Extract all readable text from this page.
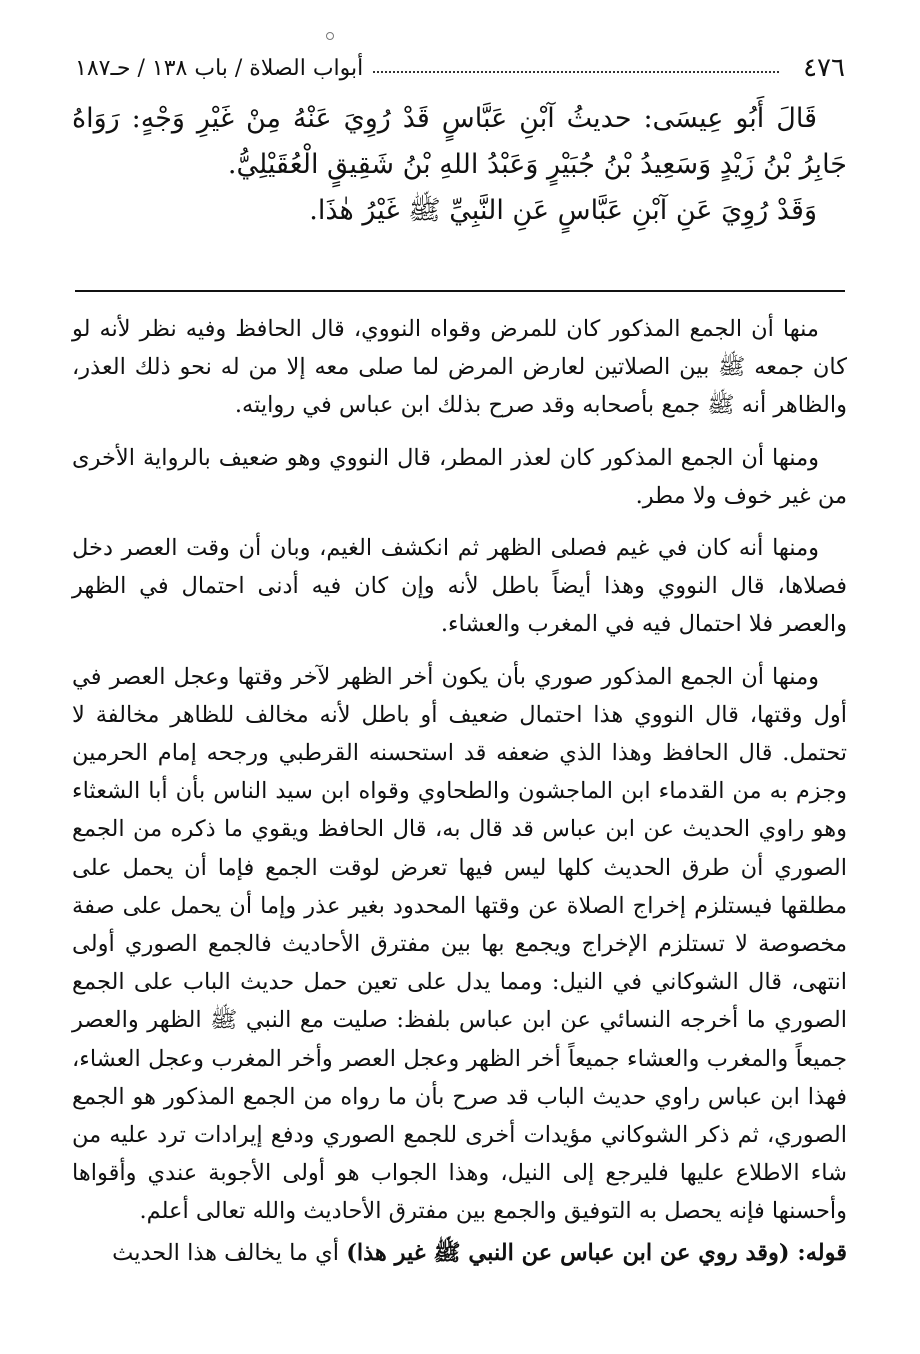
٤٧٦
أبواب الصلاة / باب ١٣٨ / حـ١٨٧

قَالَ أَبُو عِيسَى: حديثُ آبْنِ عَبَّاسٍ قَدْ رُوِيَ عَنْهُ مِنْ غَيْرِ وَجْهٍ: رَوَاهُ جَابِرُ بْنُ زَيْدٍ وَسَعِيدُ بْنُ جُبَيْرٍ وَعَبْدُ اللهِ بْنُ شَقِيقٍ الْعُقَيْلِيُّ.

وَقَدْ رُوِيَ عَنِ آبْنِ عَبَّاسٍ عَنِ النَّبِيِّ ﷺ غَيْرُ هٰذَا.

منها أن الجمع المذكور كان للمرض وقواه النووي، قال الحافظ وفيه نظر لأنه لو كان جمعه ﷺ بين الصلاتين لعارض المرض لما صلى معه إلا من له نحو ذلك العذر، والظاهر أنه ﷺ جمع بأصحابه وقد صرح بذلك ابن عباس في روايته.

ومنها أن الجمع المذكور كان لعذر المطر، قال النووي وهو ضعيف بالرواية الأخرى من غير خوف ولا مطر.

ومنها أنه كان في غيم فصلى الظهر ثم انكشف الغيم، وبان أن وقت العصر دخل فصلاها، قال النووي وهذا أيضاً باطل لأنه وإن كان فيه أدنى احتمال في الظهر والعصر فلا احتمال فيه في المغرب والعشاء.

ومنها أن الجمع المذكور صوري بأن يكون أخر الظهر لآخر وقتها وعجل العصر في أول وقتها، قال النووي هذا احتمال ضعيف أو باطل لأنه مخالف للظاهر مخالفة لا تحتمل. قال الحافظ وهذا الذي ضعفه قد استحسنه القرطبي ورجحه إمام الحرمين وجزم به من القدماء ابن الماجشون والطحاوي وقواه ابن سيد الناس بأن أبا الشعثاء وهو راوي الحديث عن ابن عباس قد قال به، قال الحافظ ويقوي ما ذكره من الجمع الصوري أن طرق الحديث كلها ليس فيها تعرض لوقت الجمع فإما أن يحمل على مطلقها فيستلزم إخراج الصلاة عن وقتها المحدود بغير عذر وإما أن يحمل على صفة مخصوصة لا تستلزم الإخراج ويجمع بها بين مفترق الأحاديث فالجمع الصوري أولى انتهى، قال الشوكاني في النيل: ومما يدل على تعين حمل حديث الباب على الجمع الصوري ما أخرجه النسائي عن ابن عباس بلفظ: صليت مع النبي ﷺ الظهر والعصر جميعاً والمغرب والعشاء جميعاً أخر الظهر وعجل العصر وأخر المغرب وعجل العشاء، فهذا ابن عباس راوي حديث الباب قد صرح بأن ما رواه من الجمع المذكور هو الجمع الصوري، ثم ذكر الشوكاني مؤيدات أخرى للجمع الصوري ودفع إيرادات ترد عليه من شاء الاطلاع عليها فليرجع إلى النيل، وهذا الجواب هو أولى الأجوبة عندي وأقواها وأحسنها فإنه يحصل به التوفيق والجمع بين مفترق الأحاديث والله تعالى أعلم.

قوله: (وقد روي عن ابن عباس عن النبي ﷺ غير هذا) أي ما يخالف هذا الحديث
